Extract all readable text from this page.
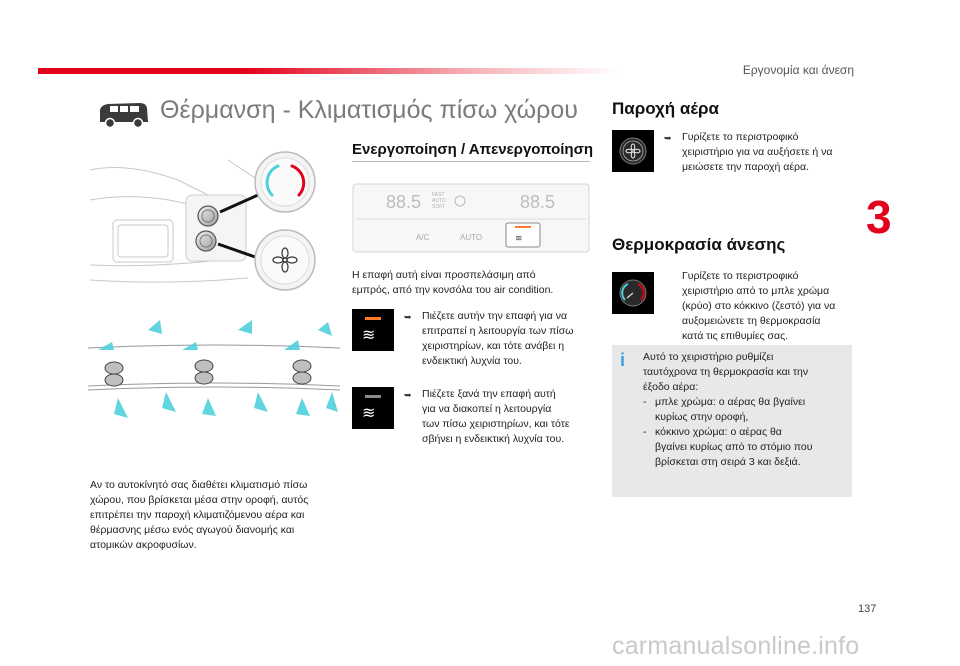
Εργονομία και άνεση
3
137
carmanualsonline.info
Θέρμανση - Κλιματισμός πίσω χώρου
Αν το αυτοκίνητό σας διαθέτει κλιματισμό πίσω
χώρου, που βρίσκεται μέσα στην οροφή, αυτός
επιτρέπει την παροχή κλιματιζόμενου αέρα και
θέρμασνης μέσω ενός αγωγού διανομής και
ατομικών ακροφυσίων.
Ενεργοποίηση / Απενεργοποίηση
88.5 FAST
AUTO
SOFT	88.5
A/C	AUTO	≋
Η επαφή αυτή είναι προσπελάσιμη από
εμπρός, από την κονσόλα του air condition.
≋
➥ Πιέζετε αυτήν την επαφή για να
επιτραπεί η λειτουργία των πίσω
χειριστηρίων, και τότε ανάβει η
ενδεικτική λυχνία του.
≋
➥ Πιέζετε ξανά την επαφή αυτή
για να διακοπεί η λειτουργία
των πίσω χειριστηρίων, και τότε
σβήνει η ενδεικτική λυχνία του.
Παροχή αέρα
➥ Γυρίζετε το περιστροφικό
χειριστήριο για να αυξήσετε ή να
μειώσετε την παροχή αέρα.
Θερμοκρασία άνεσης
-	Γυρίζετε το περιστροφικό
χειριστήριο από το μπλε χρώμα
(κρύο) στο κόκκινο (ζεστό) για να
αυξομειώνετε τη θερμοκρασία
κατά τις επιθυμίες σας.
i Αυτό το χειριστήριο ρυθμίζει
ταυτόχρονα τη θερμοκρασία και την
έξοδο αέρα:
- μπλε χρώμα: ο αέρας θα βγαίνει
κυρίως στην οροφή,
- κόκκινο χρώμα: ο αέρας θα
βγαίνει κυρίως από το στόμιο που
βρίσκεται στη σειρά 3 και δεξιά.
